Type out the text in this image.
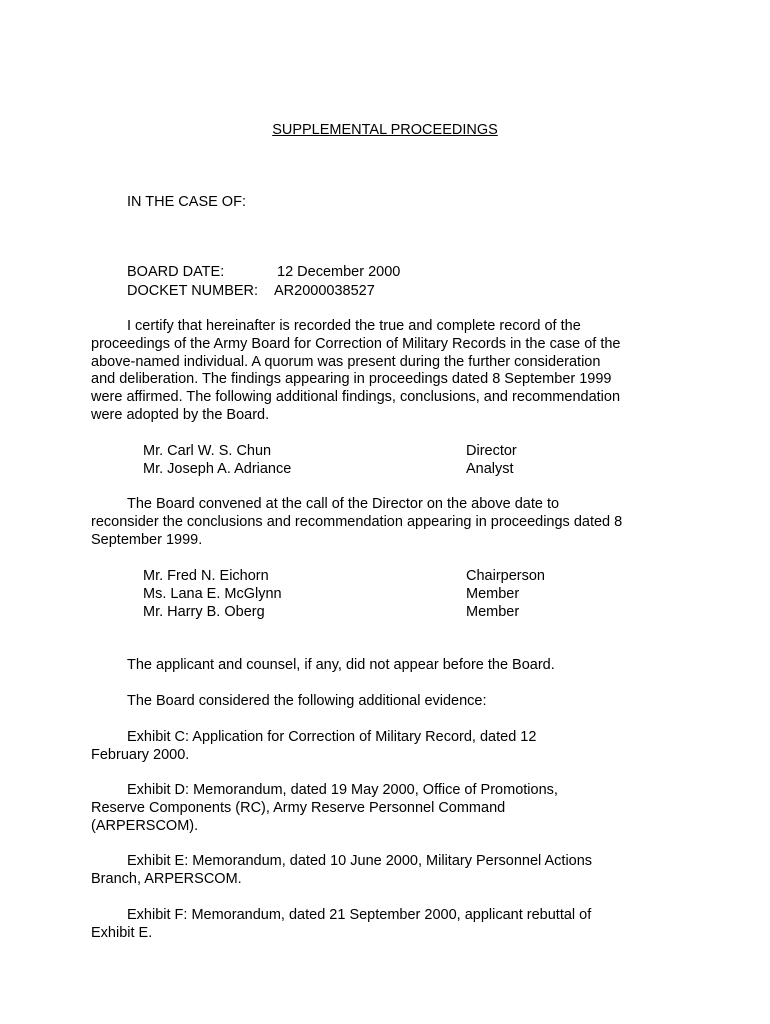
SUPPLEMENTAL PROCEEDINGS
IN THE CASE OF:
BOARD DATE:	12 December 2000
DOCKET NUMBER: AR2000038527

I certify that hereinafter is recorded the true and complete record of the proceedings of the Army Board for Correction of Military Records in the case of the above-named individual. A quorum was present during the further consideration and deliberation. The findings appearing in proceedings dated 8 September 1999 were affirmed. The following additional findings, conclusions, and recommendation were adopted by the Board.

Mr. Carl W. S. Chun	Director
Mr. Joseph A. Adriance	Analyst

The Board convened at the call of the Director on the above date to reconsider the conclusions and recommendation appearing in proceedings dated 8 September 1999.

Mr. Fred N. Eichorn	Chairperson
Ms. Lana E. McGlynn	Member
Mr. Harry B. Oberg	Member

The applicant and counsel, if any, did not appear before the Board.

The Board considered the following additional evidence:

Exhibit C: Application for Correction of Military Record, dated 12 February 2000.

Exhibit D: Memorandum, dated 19 May 2000, Office of Promotions, Reserve Components (RC), Army Reserve Personnel Command (ARPERSCOM).

Exhibit E: Memorandum, dated 10 June 2000, Military Personnel Actions Branch, ARPERSCOM.

Exhibit F: Memorandum, dated 21 September 2000, applicant rebuttal of Exhibit E.
